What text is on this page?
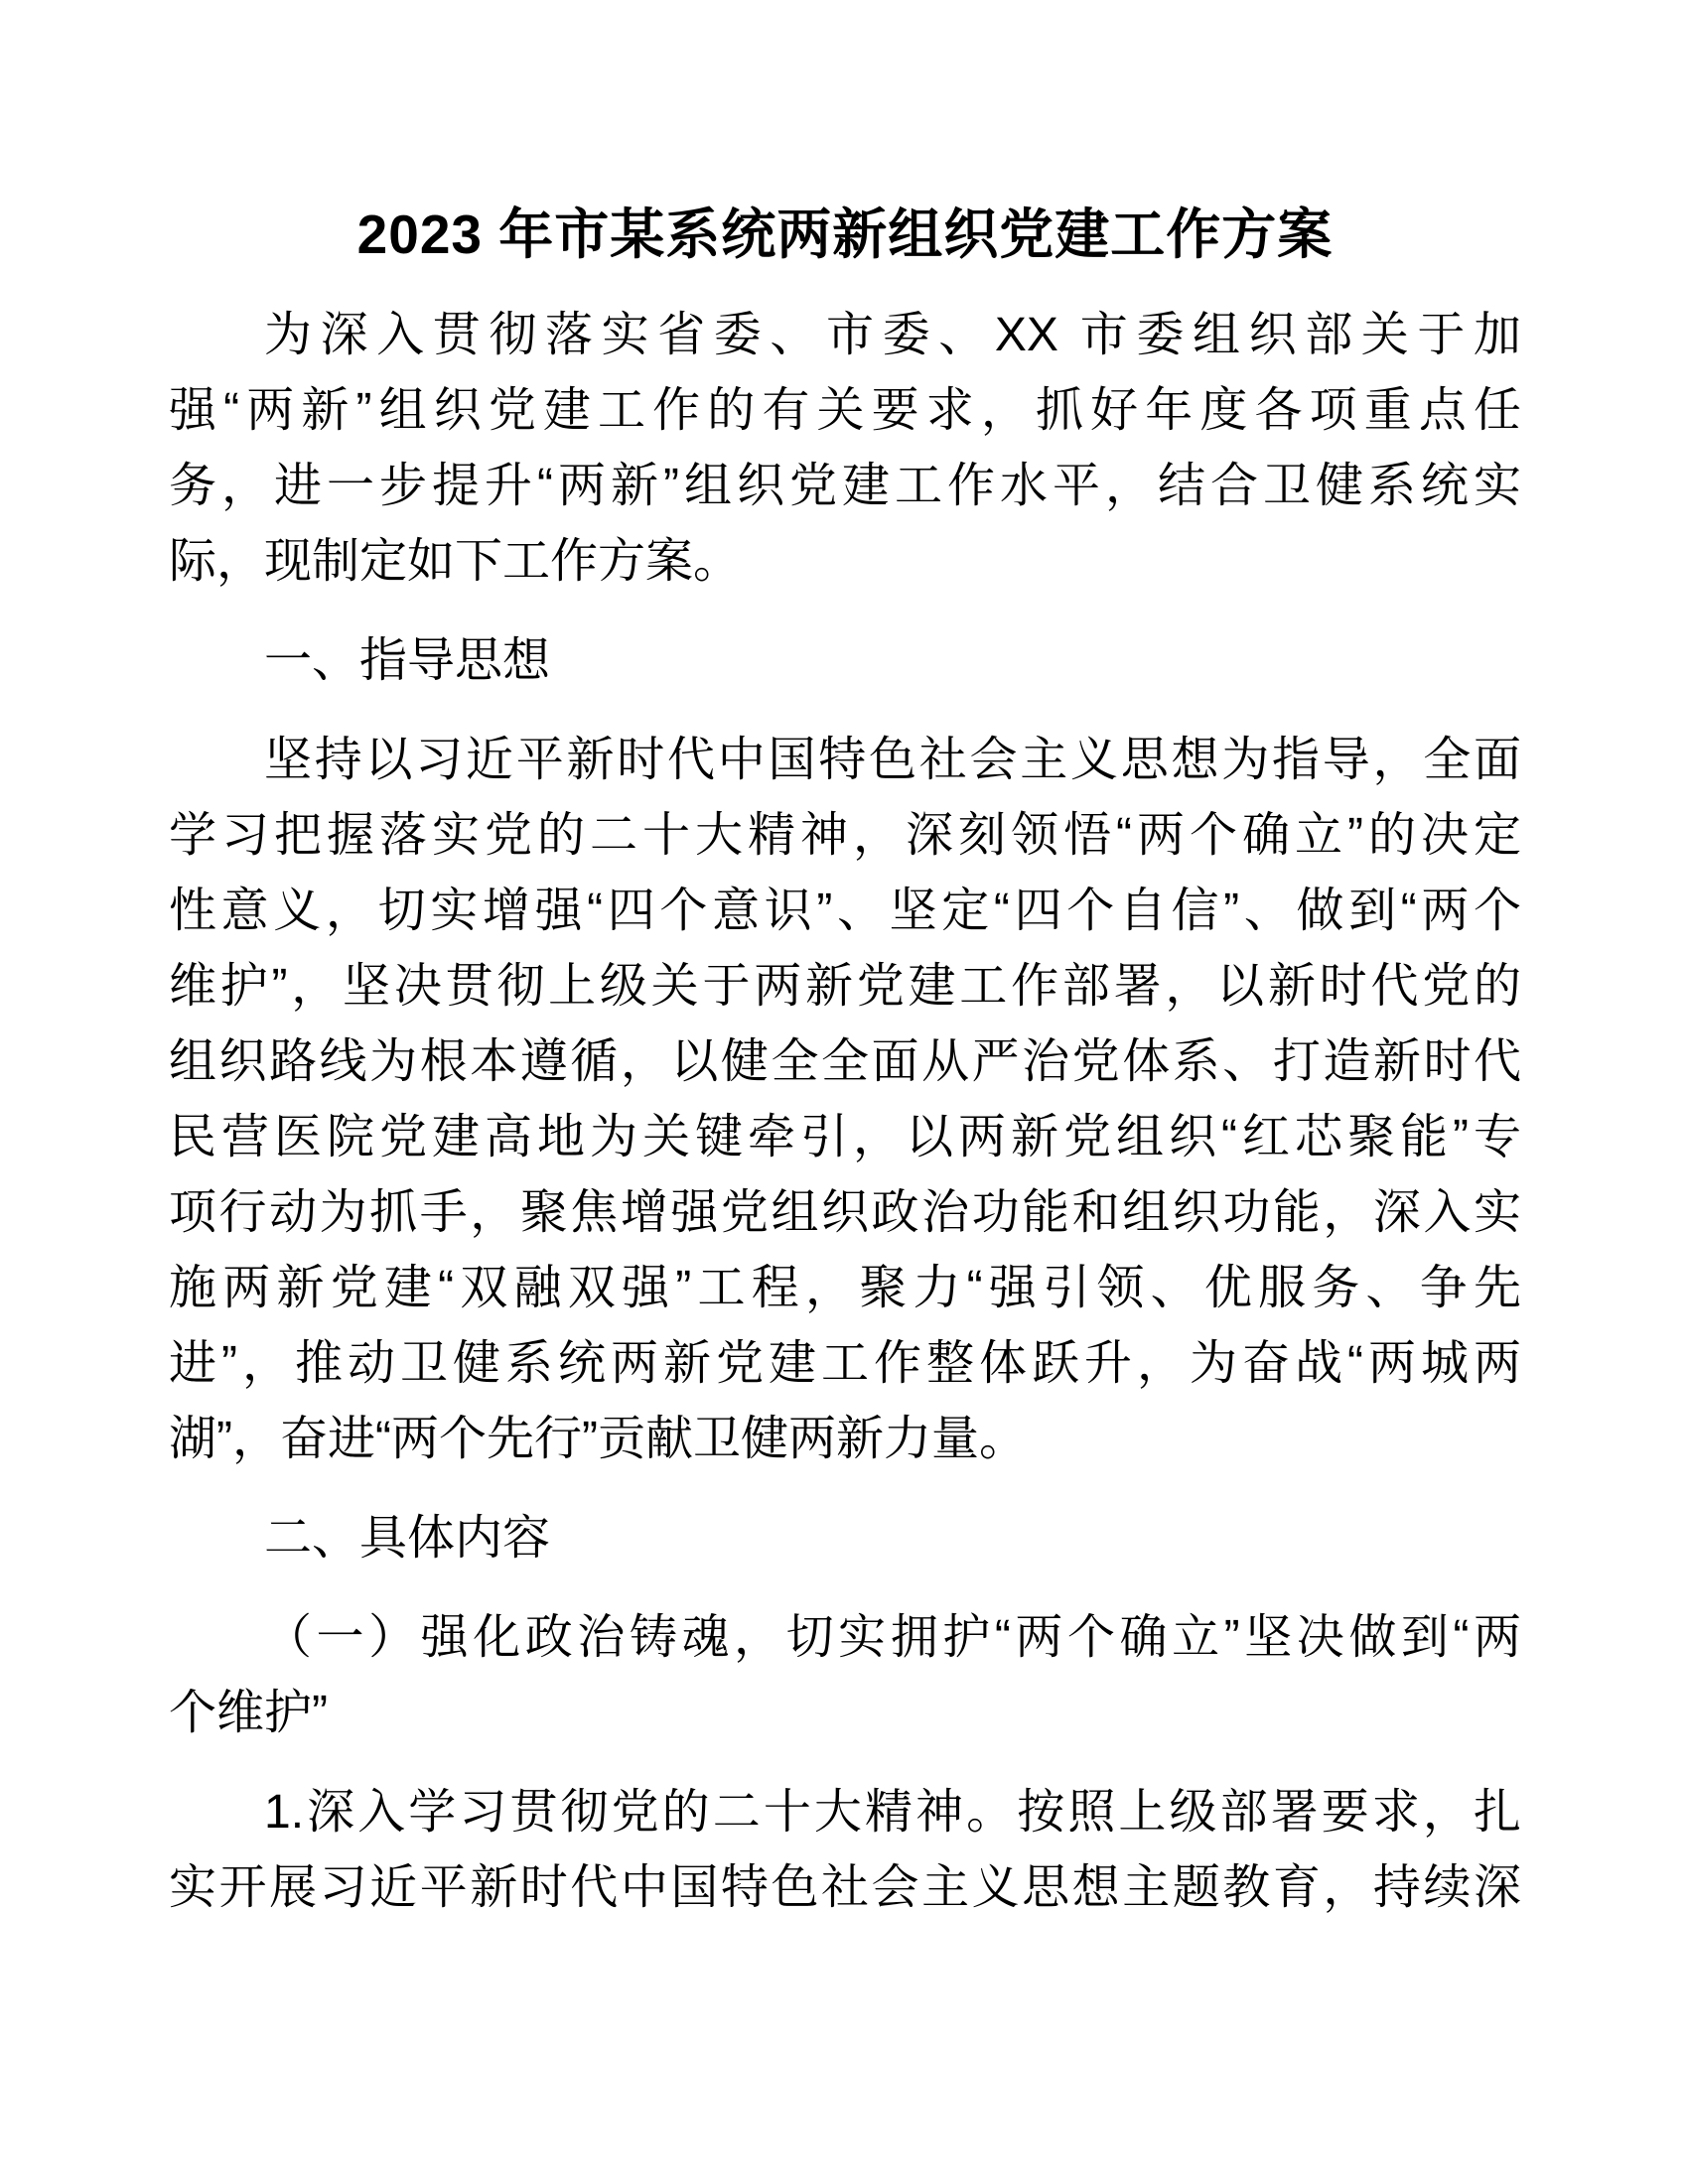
2023 年市某系统两新组织党建工作方案
为深入贯彻落实省委、市委、XX 市委组织部关于加
强“两新”组织党建工作的有关要求，抓好年度各项重点任
务，进一步提升“两新”组织党建工作水平，结合卫健系统实
际，现制定如下工作方案。
一、指导思想
坚持以习近平新时代中国特色社会主义思想为指导，全面
学习把握落实党的二十大精神，深刻领悟“两个确立”的决定
性意义，切实增强“四个意识”、坚定“四个自信”、做到“两个
维护”，坚决贯彻上级关于两新党建工作部署，以新时代党的
组织路线为根本遵循，以健全全面从严治党体系、打造新时代
民营医院党建高地为关键牵引，以两新党组织“红芯聚能”专
项行动为抓手，聚焦增强党组织政治功能和组织功能，深入实
施两新党建“双融双强”工程，聚力“强引领、优服务、争先
进”，推动卫健系统两新党建工作整体跃升，为奋战“两城两
湖”，奋进“两个先行”贡献卫健两新力量。
二、具体内容
（一）强化政治铸魂，切实拥护“两个确立”坚决做到“两
个维护”
1.深入学习贯彻党的二十大精神。按照上级部署要求，扎
实开展习近平新时代中国特色社会主义思想主题教育，持续深
